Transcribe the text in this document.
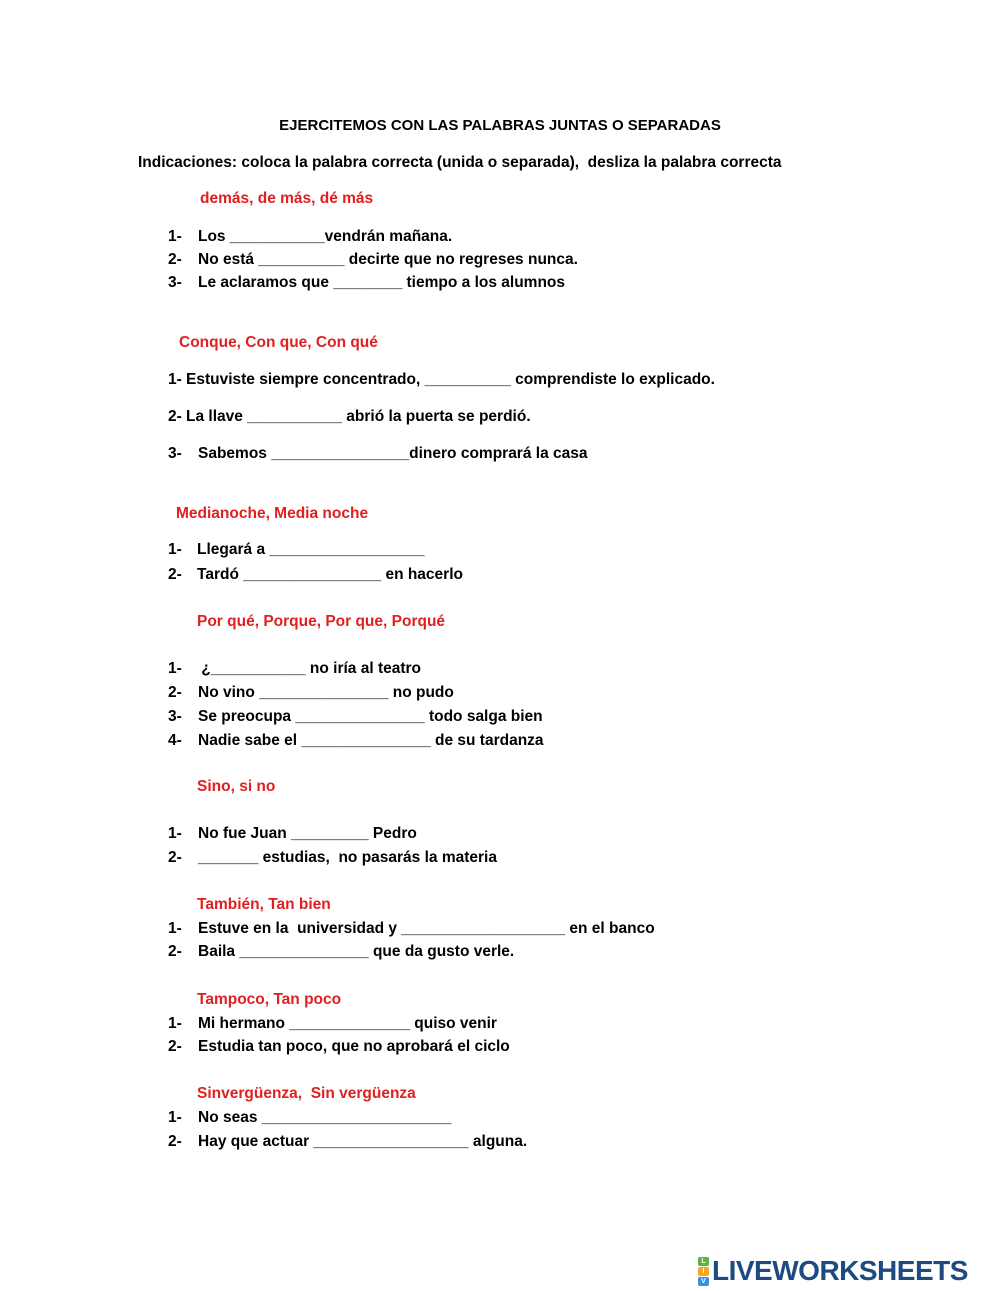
EJERCITEMOS CON LAS PALABRAS JUNTAS O SEPARADAS
Indicaciones: coloca la palabra correcta (unida o separada),  desliza la palabra correcta
demás, de más, dé más
1- Los ___________vendrán mañana.
2- No está __________ decirte que no regreses nunca.
3- Le aclaramos que ________ tiempo a los alumnos
Conque, Con que, Con qué
1- Estuviste siempre concentrado, __________ comprendiste lo explicado.
2- La llave ___________ abrió la puerta se perdió.
3- Sabemos ________________dinero comprará la casa
Medianoche, Media noche
1- Llegará a __________________
2- Tardó ________________ en hacerlo
Por qué, Porque, Por que, Porqué
1- ¿___________ no iría al teatro
2- No vino _______________ no pudo
3- Se preocupa _______________ todo salga bien
4- Nadie sabe el _______________ de su tardanza
Sino, si no
1- No fue Juan _________ Pedro
2- _______ estudias,  no pasarás la materia
También, Tan bien
1- Estuve en la  universidad y ___________________ en el banco
2- Baila _______________ que da gusto verle.
Tampoco, Tan poco
1- Mi hermano ______________ quiso venir
2- Estudia tan poco, que no aprobará el ciclo
Sinvergüenza,  Sin vergüenza
1- No seas ______________________
2- Hay que actuar __________________ alguna.
L
I
V LIVEWORKSHEETS
